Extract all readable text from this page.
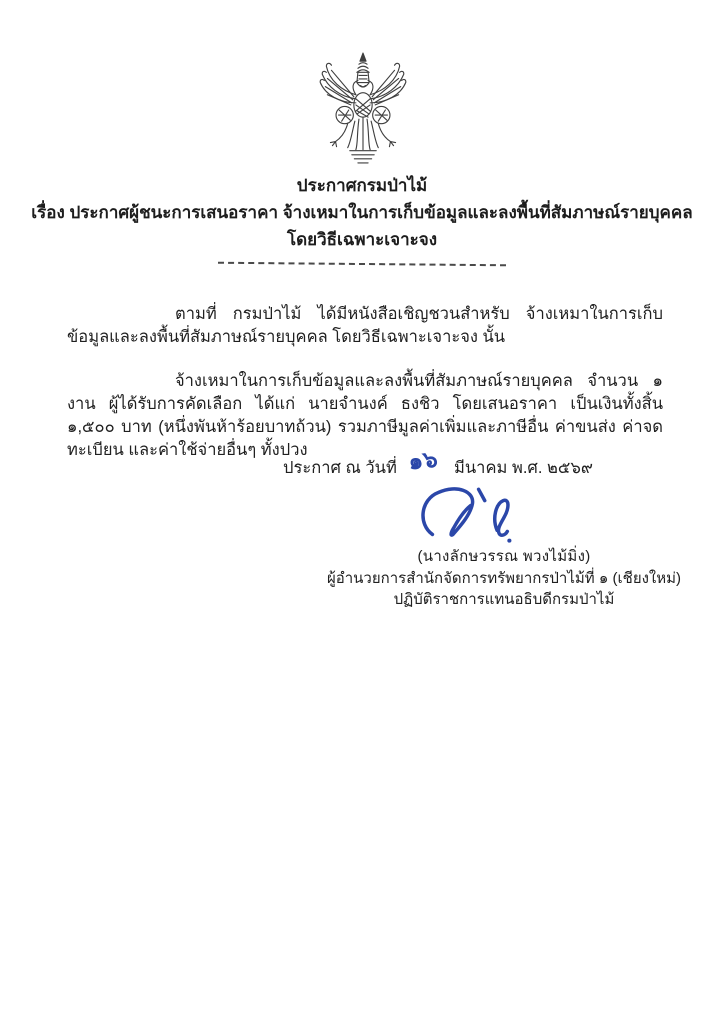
ประกาศกรมป่าไม้
เรื่อง ประกาศผู้ชนะการเสนอราคา จ้างเหมาในการเก็บข้อมูลและลงพื้นที่สัมภาษณ์รายบุคคล
โดยวิธีเฉพาะเจาะจง

ตามที่ กรมป่าไม้ ได้มีหนังสือเชิญชวนสำหรับ จ้างเหมาในการเก็บข้อมูลและลงพื้นที่สัมภาษณ์รายบุคคล โดยวิธีเฉพาะเจาะจง นั้น

จ้างเหมาในการเก็บข้อมูลและลงพื้นที่สัมภาษณ์รายบุคคล จำนวน ๑ งาน ผู้ได้รับการคัดเลือก ได้แก่ นายจำนงค์ ธงชิว โดยเสนอราคา เป็นเงินทั้งสิ้น ๑,๕๐๐ บาท (หนึ่งพันห้าร้อยบาทถ้วน) รวมภาษีมูลค่าเพิ่มและภาษีอื่น ค่าขนส่ง ค่าจดทะเบียน และค่าใช้จ่ายอื่นๆ ทั้งปวง

ประกาศ ณ วันที่ ๑๖ มีนาคม พ.ศ. ๒๕๖๙
(นางลักษวรรณ พวงไม้มิ่ง)
ผู้อำนวยการสำนักจัดการทรัพยากรป่าไม้ที่ ๑ (เชียงใหม่)
ปฏิบัติราชการแทนอธิบดีกรมป่าไม้
